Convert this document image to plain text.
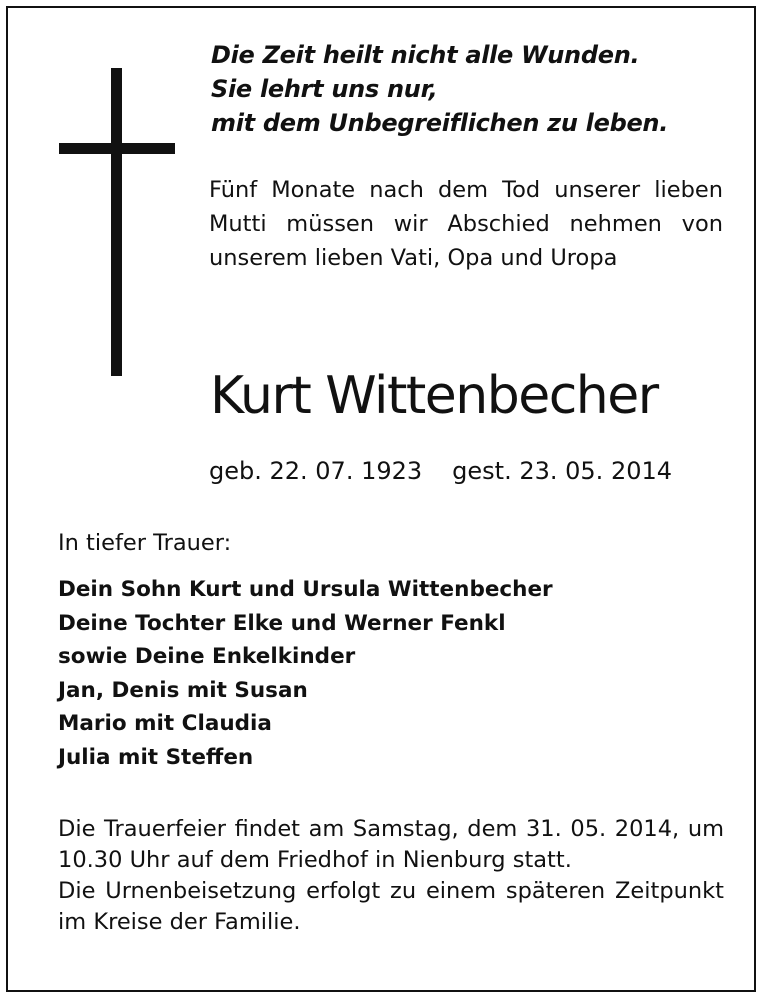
Die Zeit heilt nicht alle Wunden.
Sie lehrt uns nur,
mit dem Unbegreiflichen zu leben.
Fünf Monate nach dem Tod unserer lieben Mutti müssen wir Abschied nehmen von unserem lieben Vati, Opa und Uropa
Kurt Wittenbecher
geb. 22. 07. 1923 gest. 23. 05. 2014
In tiefer Trauer:
Dein Sohn Kurt und Ursula Wittenbecher
Deine Tochter Elke und Werner Fenkl
sowie Deine Enkelkinder
Jan, Denis mit Susan
Mario mit Claudia
Julia mit Steffen

Die Trauerfeier findet am Samstag, dem 31. 05. 2014, um 10.30 Uhr auf dem Friedhof in Nienburg statt.

Die Urnenbeisetzung erfolgt zu einem späteren Zeitpunkt im Kreise der Familie.
